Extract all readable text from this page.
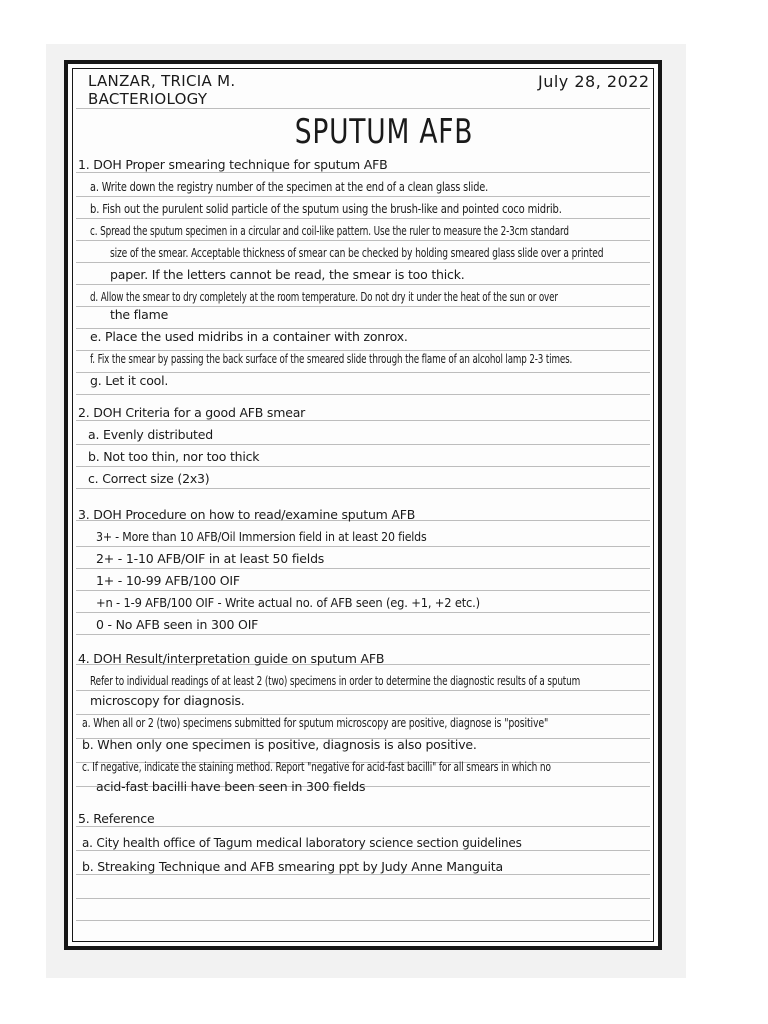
LANZAR, TRICIA M.
BACTERIOLOGY
July 28, 2022
SPUTUM AFB
1. DOH Proper smearing technique for sputum AFB
a. Write down the registry number of the specimen at the end of a clean glass slide.
b. Fish out the purulent solid particle of the sputum using the brush-like and pointed coco midrib.
c. Spread the sputum specimen in a circular and coil-like pattern. Use the ruler to measure the 2-3cm standard
size of the smear. Acceptable thickness of smear can be checked by holding smeared glass slide over a printed
paper. If the letters cannot be read, the smear is too thick.
d. Allow the smear to dry completely at the room temperature. Do not dry it under the heat of the sun or over
the flame
e. Place the used midribs in a container with zonrox.
f. Fix the smear by passing the back surface of the smeared slide through the flame of an alcohol lamp 2-3 times.
g. Let it cool.
2. DOH Criteria for a good AFB smear
a. Evenly distributed
b. Not too thin, nor too thick
c. Correct size (2x3)
3. DOH Procedure on how to read/examine sputum AFB
3+ - More than 10 AFB/Oil Immersion field in at least 20 fields
2+ - 1-10 AFB/OIF in at least 50 fields
1+ - 10-99 AFB/100 OIF
+n - 1-9 AFB/100 OIF - Write actual no. of AFB seen (eg. +1, +2 etc.)
0 - No AFB seen in 300 OIF
4. DOH Result/interpretation guide on sputum AFB
Refer to individual readings of at least 2 (two) specimens in order to determine the diagnostic results of a sputum
microscopy for diagnosis.
a. When all or 2 (two) specimens submitted for sputum microscopy are positive, diagnose is "positive"
b. When only one specimen is positive, diagnosis is also positive.
c. If negative, indicate the staining method. Report "negative for acid-fast bacilli" for all smears in which no
acid-fast bacilli have been seen in 300 fields
5. Reference
a. City health office of Tagum medical laboratory science section guidelines
b. Streaking Technique and AFB smearing ppt by Judy Anne Manguita
